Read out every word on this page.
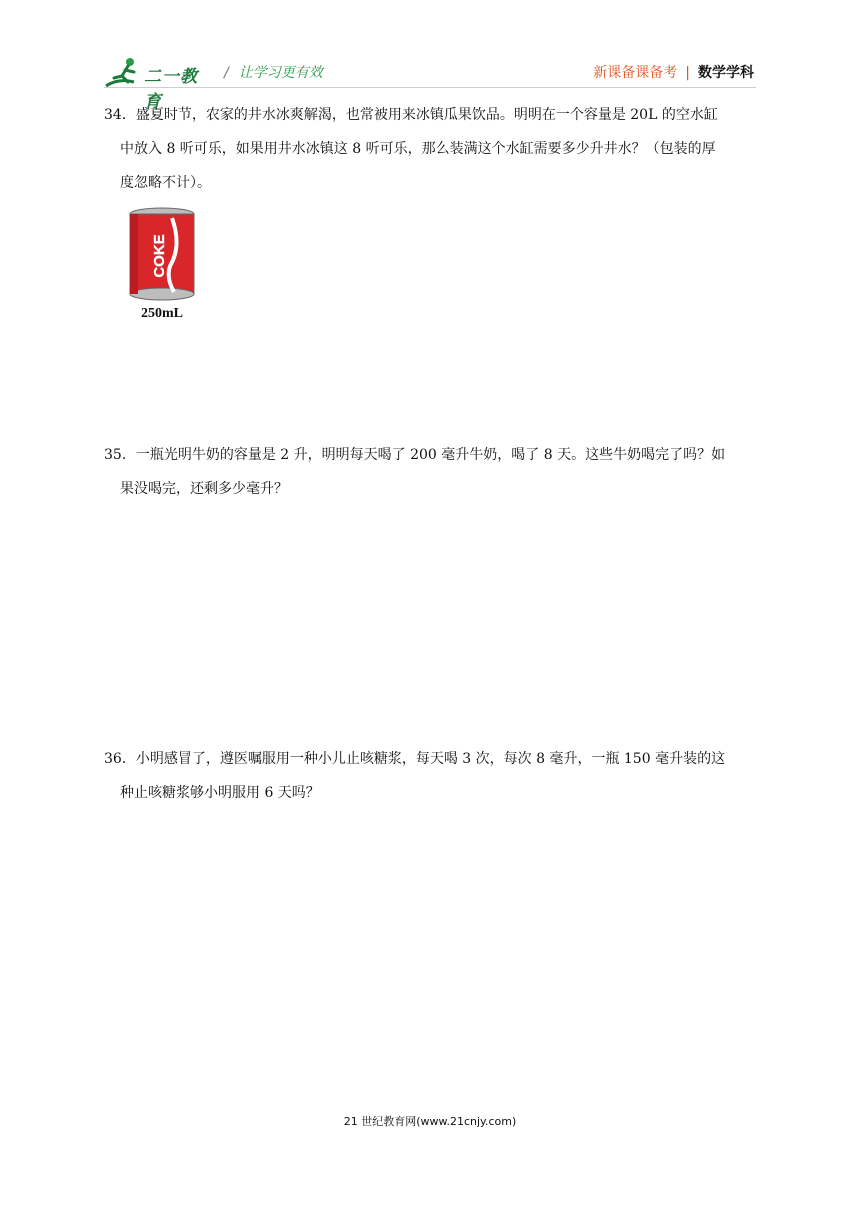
二一教育
/ 让学习更有效	新课备课备考 | 数学学科
34．盛夏时节，农家的井水冰爽解渴，也常被用来冰镇瓜果饮品。明明在一个容量是 20L 的空水缸
中放入 8 听可乐，如果用井水冰镇这 8 听可乐，那么装满这个水缸需要多少升井水？（包装的厚
度忽略不计）。
COKE
250mL
35．一瓶光明牛奶的容量是 2 升，明明每天喝了 200 毫升牛奶，喝了 8 天。这些牛奶喝完了吗？如
果没喝完，还剩多少毫升？
36．小明感冒了，遵医嘱服用一种小儿止咳糖浆，每天喝 3 次，每次 8 毫升，一瓶 150 毫升装的这
种止咳糖浆够小明服用 6 天吗？
21 世纪教育网(www.21cnjy.com)
